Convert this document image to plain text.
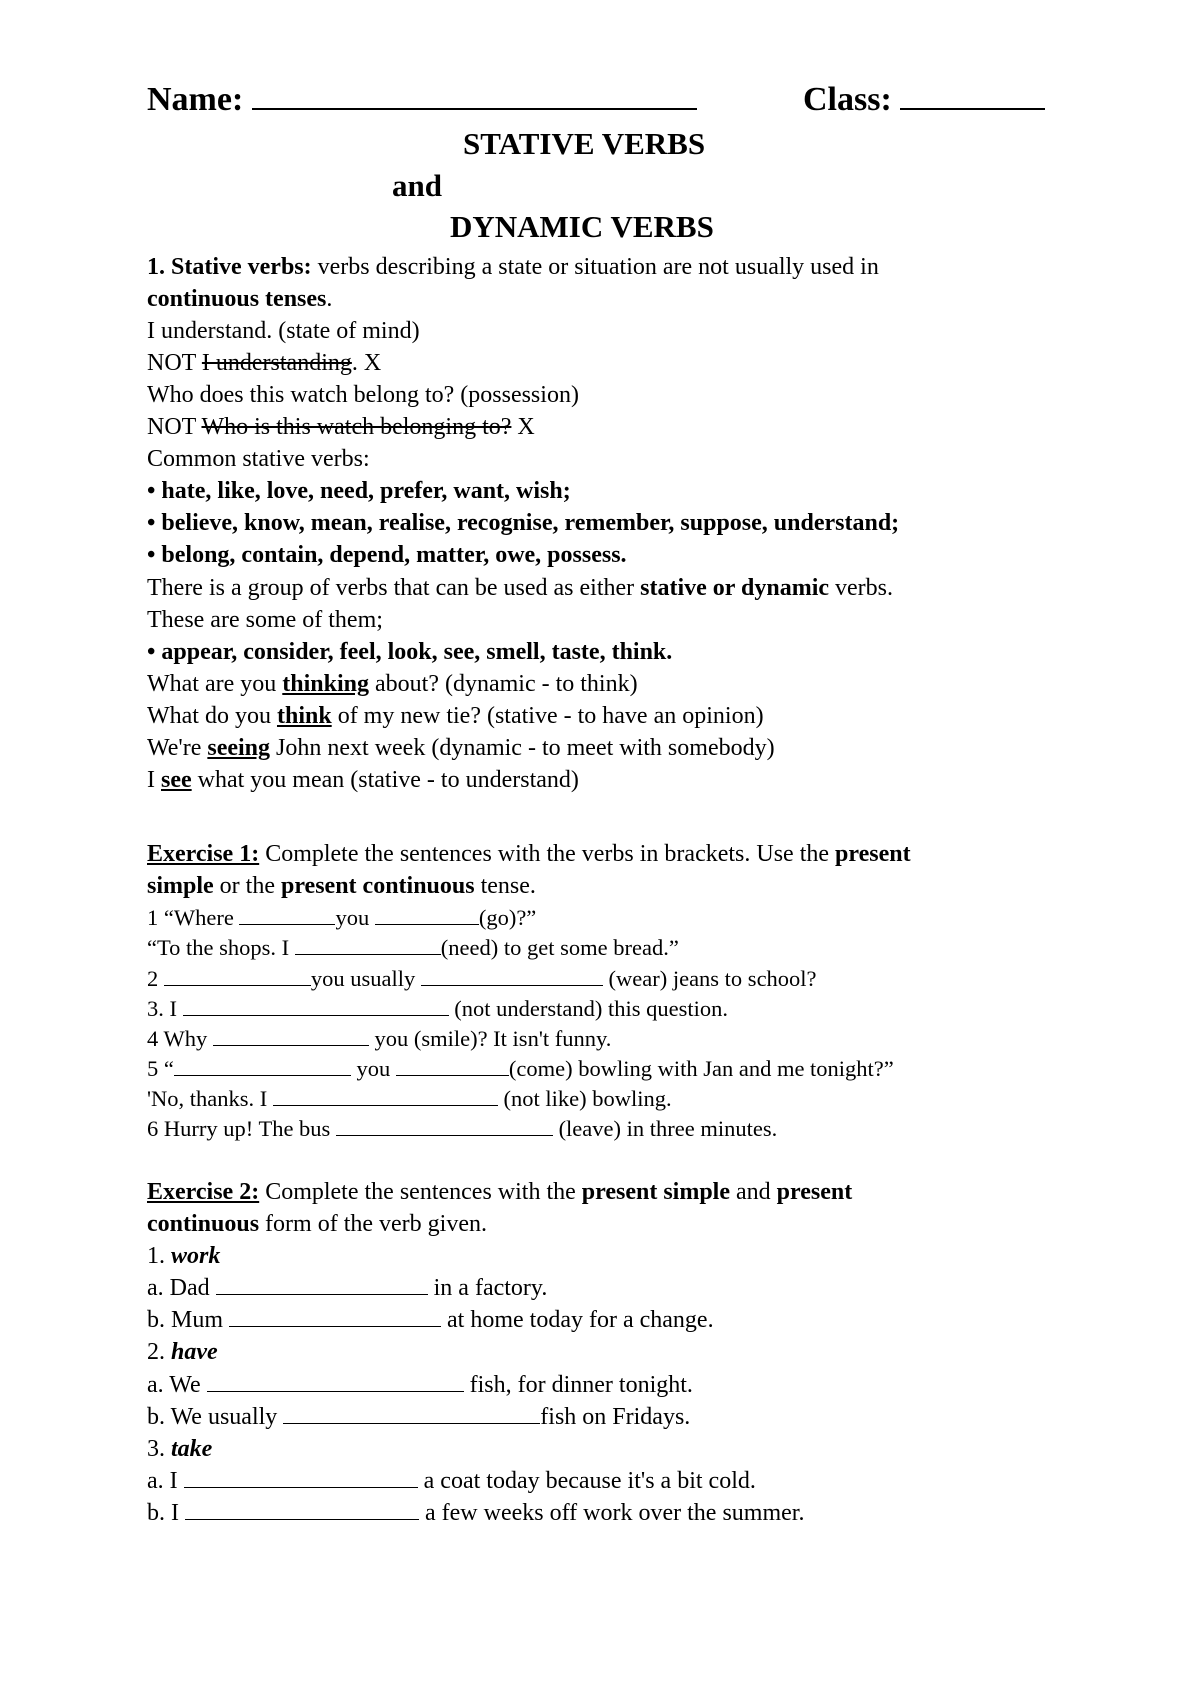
Name:	Class:
STATIVE VERBS
and
DYNAMIC VERBS
1. Stative verbs: verbs describing a state or situation are not usually used in
continuous tenses.
I understand. (state of mind)
NOT I understanding. X
Who does this watch belong to? (possession)
NOT Who is this watch belonging to? X
Common stative verbs:
• hate, like, love, need, prefer, want, wish;
• believe, know, mean, realise, recognise, remember, suppose, understand;
• belong, contain, depend, matter, owe, possess.
There is a group of verbs that can be used as either stative or dynamic verbs.
These are some of them;
• appear, consider, feel, look, see, smell, taste, think.
What are you thinking about? (dynamic - to think)
What do you think of my new tie? (stative - to have an opinion)
We're seeing John next week (dynamic - to meet with somebody)
I see what you mean (stative - to understand)
Exercise 1: Complete the sentences with the verbs in brackets. Use the present
simple or the present continuous tense.
1 “Where	you	(go)?”
“To the shops. I	(need) to get some bread.”
2	you usually	(wear) jeans to school?
3. I	(not understand) this question.
4 Why	you (smile)? It isn't funny.
5 “	you	(come) bowling with Jan and me tonight?”
'No, thanks. I	(not like) bowling.
6 Hurry up! The bus	(leave) in three minutes.
Exercise 2: Complete the sentences with the present simple and present
continuous form of the verb given.
1. work
a. Dad	in a factory.
b. Mum	at home today for a change.
2. have
a. We	fish, for dinner tonight.
b. We usually	fish on Fridays.
3. take
a. I	a coat today because it's a bit cold.
b. I	a few weeks off work over the summer.
